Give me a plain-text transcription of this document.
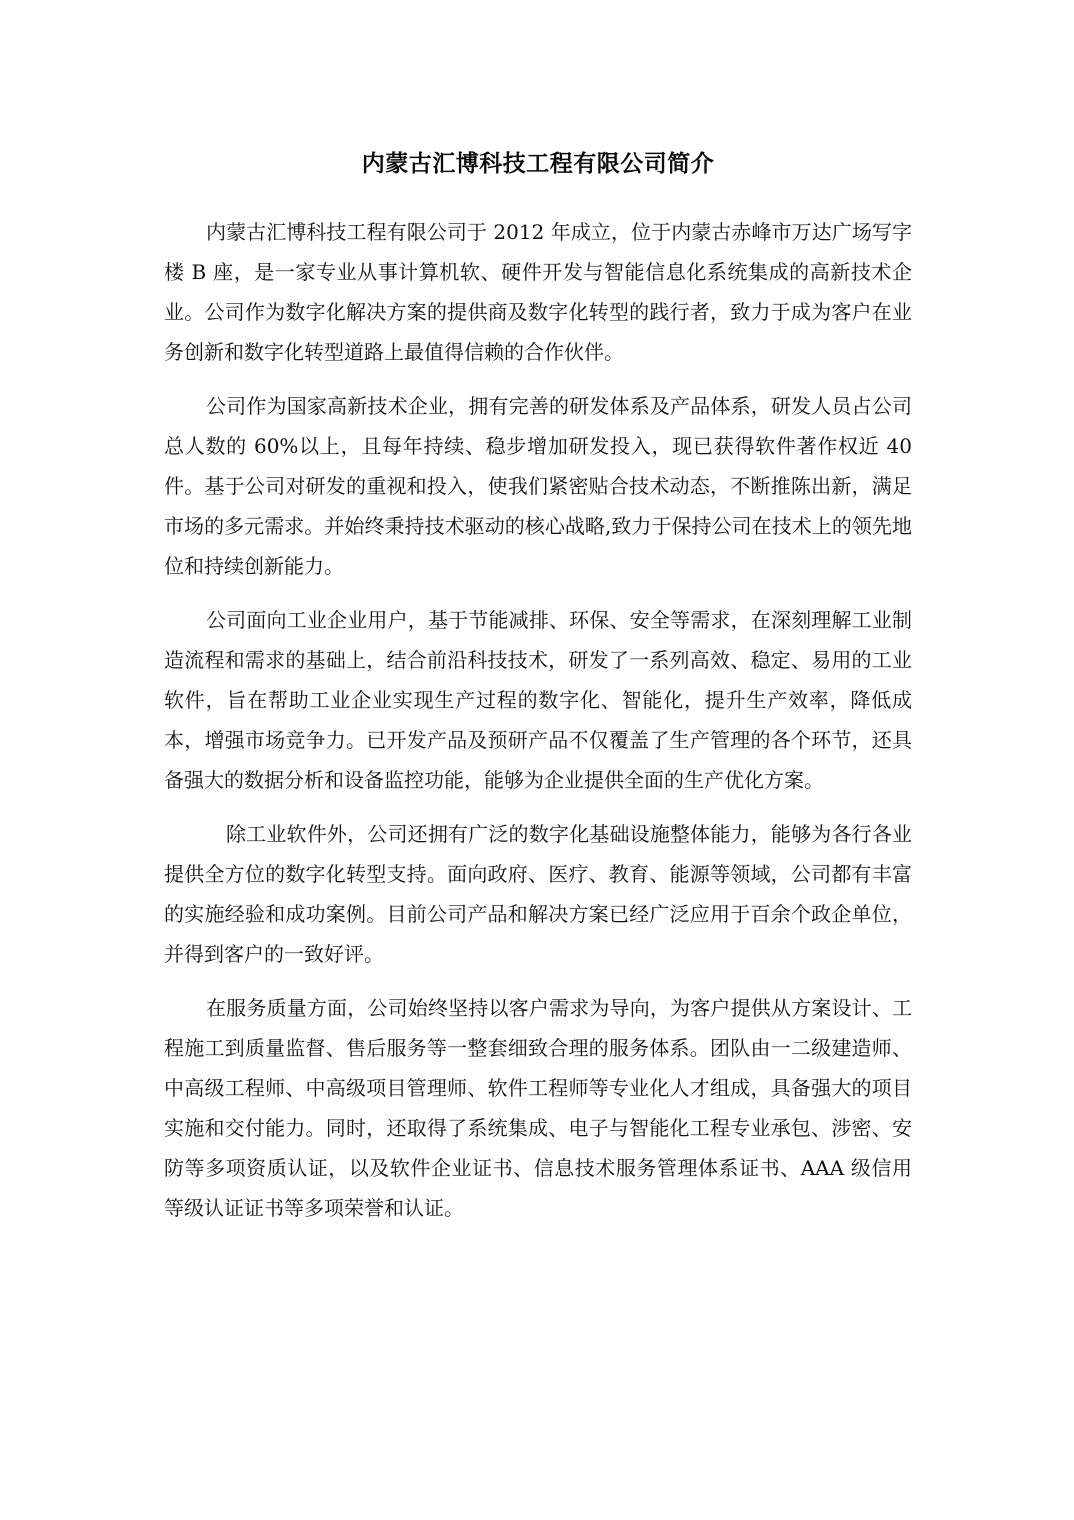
内蒙古汇博科技工程有限公司简介

内蒙古汇博科技工程有限公司于 2012 年成立，位于内蒙古赤峰市万达广场写字楼 B 座，是一家专业从事计算机软、硬件开发与智能信息化系统集成的高新技术企业。公司作为数字化解决方案的提供商及数字化转型的践行者，致力于成为客户在业务创新和数字化转型道路上最值得信赖的合作伙伴。

公司作为国家高新技术企业，拥有完善的研发体系及产品体系，研发人员占公司总人数的 60%以上，且每年持续、稳步增加研发投入，现已获得软件著作权近 40 件。基于公司对研发的重视和投入，使我们紧密贴合技术动态，不断推陈出新，满足市场的多元需求。并始终秉持技术驱动的核心战略,致力于保持公司在技术上的领先地位和持续创新能力。

公司面向工业企业用户，基于节能减排、环保、安全等需求，在深刻理解工业制造流程和需求的基础上，结合前沿科技技术，研发了一系列高效、稳定、易用的工业软件，旨在帮助工业企业实现生产过程的数字化、智能化，提升生产效率，降低成本，增强市场竞争力。已开发产品及预研产品不仅覆盖了生产管理的各个环节，还具备强大的数据分析和设备监控功能，能够为企业提供全面的生产优化方案。

除工业软件外，公司还拥有广泛的数字化基础设施整体能力，能够为各行各业提供全方位的数字化转型支持。面向政府、医疗、教育、能源等领域，公司都有丰富的实施经验和成功案例。目前公司产品和解决方案已经广泛应用于百余个政企单位，并得到客户的一致好评。

在服务质量方面，公司始终坚持以客户需求为导向，为客户提供从方案设计、工程施工到质量监督、售后服务等一整套细致合理的服务体系。团队由一二级建造师、中高级工程师、中高级项目管理师、软件工程师等专业化人才组成，具备强大的项目实施和交付能力。同时，还取得了系统集成、电子与智能化工程专业承包、涉密、安防等多项资质认证，以及软件企业证书、信息技术服务管理体系证书、AAA 级信用等级认证证书等多项荣誉和认证。
